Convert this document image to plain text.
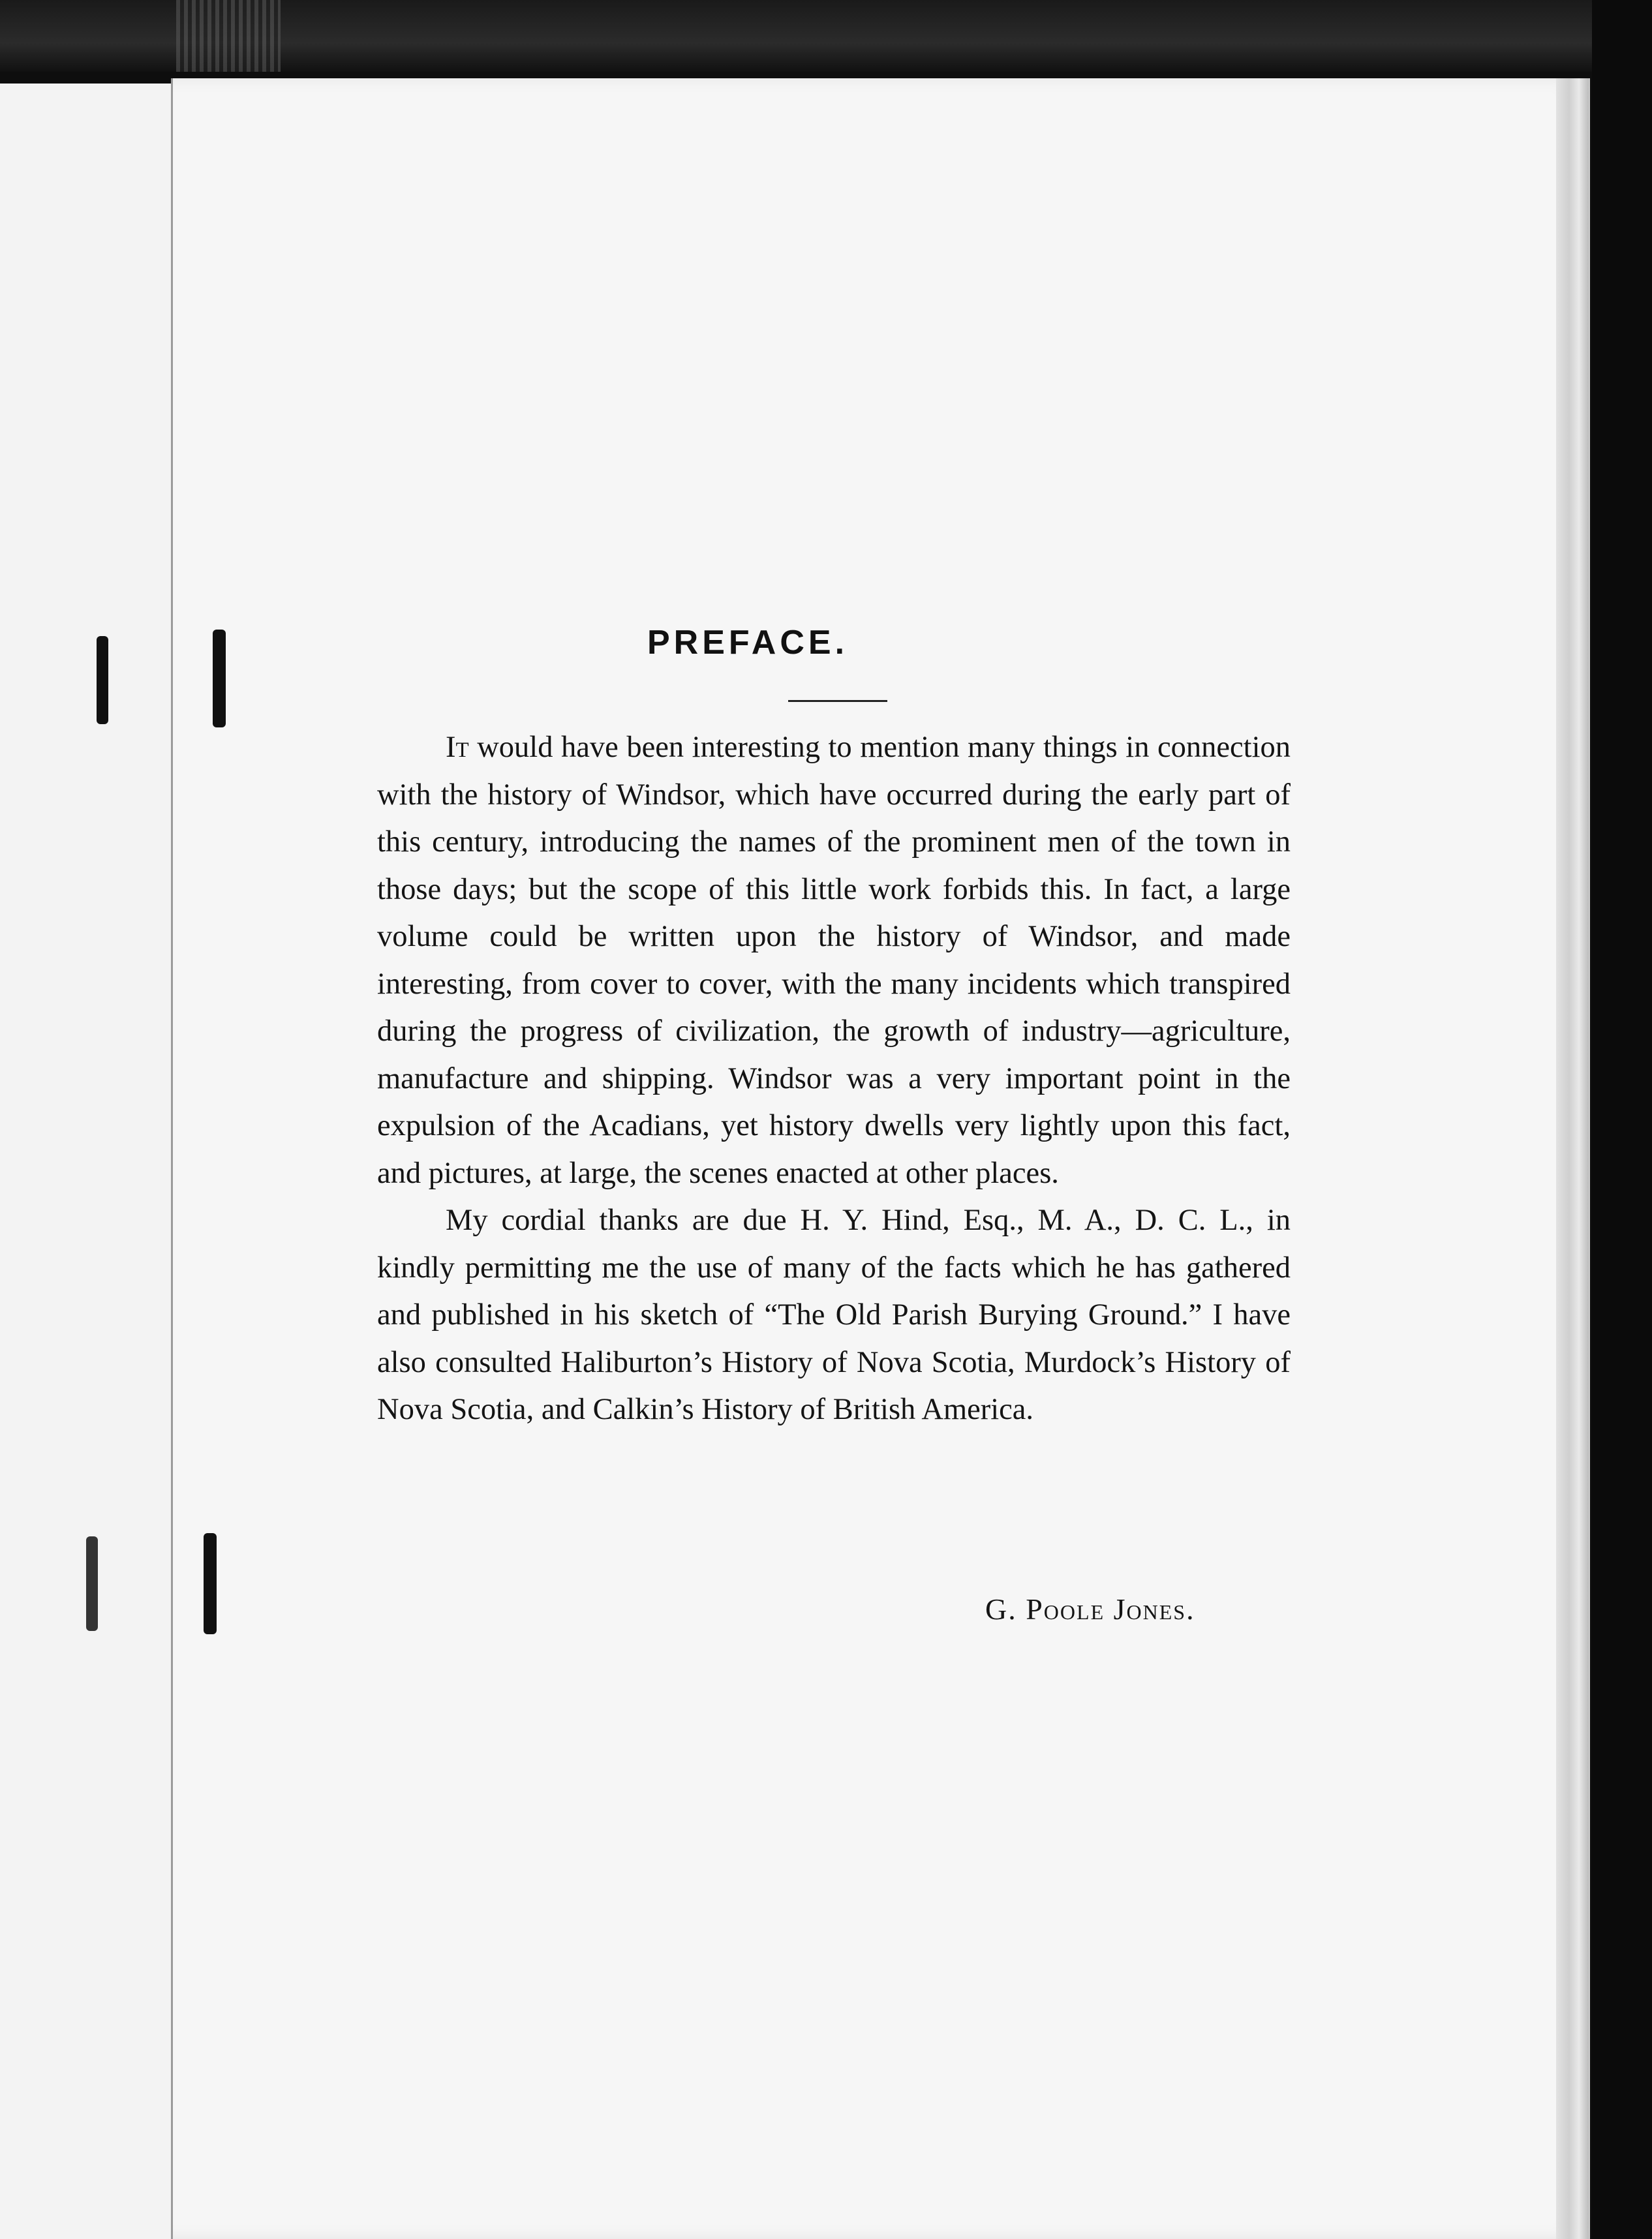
PREFACE.

It would have been interesting to mention many things in connection with the history of Windsor, which have occurred during the early part of this century, introducing the names of the prominent men of the town in those days; but the scope of this little work forbids this. In fact, a large volume could be written upon the history of Windsor, and made interesting, from cover to cover, with the many incidents which transpired during the progress of civilization, the growth of industry—agriculture, manufacture and shipping. Windsor was a very important point in the expulsion of the Acadians, yet history dwells very lightly upon this fact, and pictures, at large, the scenes enacted at other places.

My cordial thanks are due H. Y. Hind, Esq., M. A., D. C. L., in kindly permitting me the use of many of the facts which he has gathered and published in his sketch of “The Old Parish Burying Ground.” I have also consulted Haliburton’s History of Nova Scotia, Murdock’s History of Nova Scotia, and Calkin’s History of British America.

G. Poole Jones.
